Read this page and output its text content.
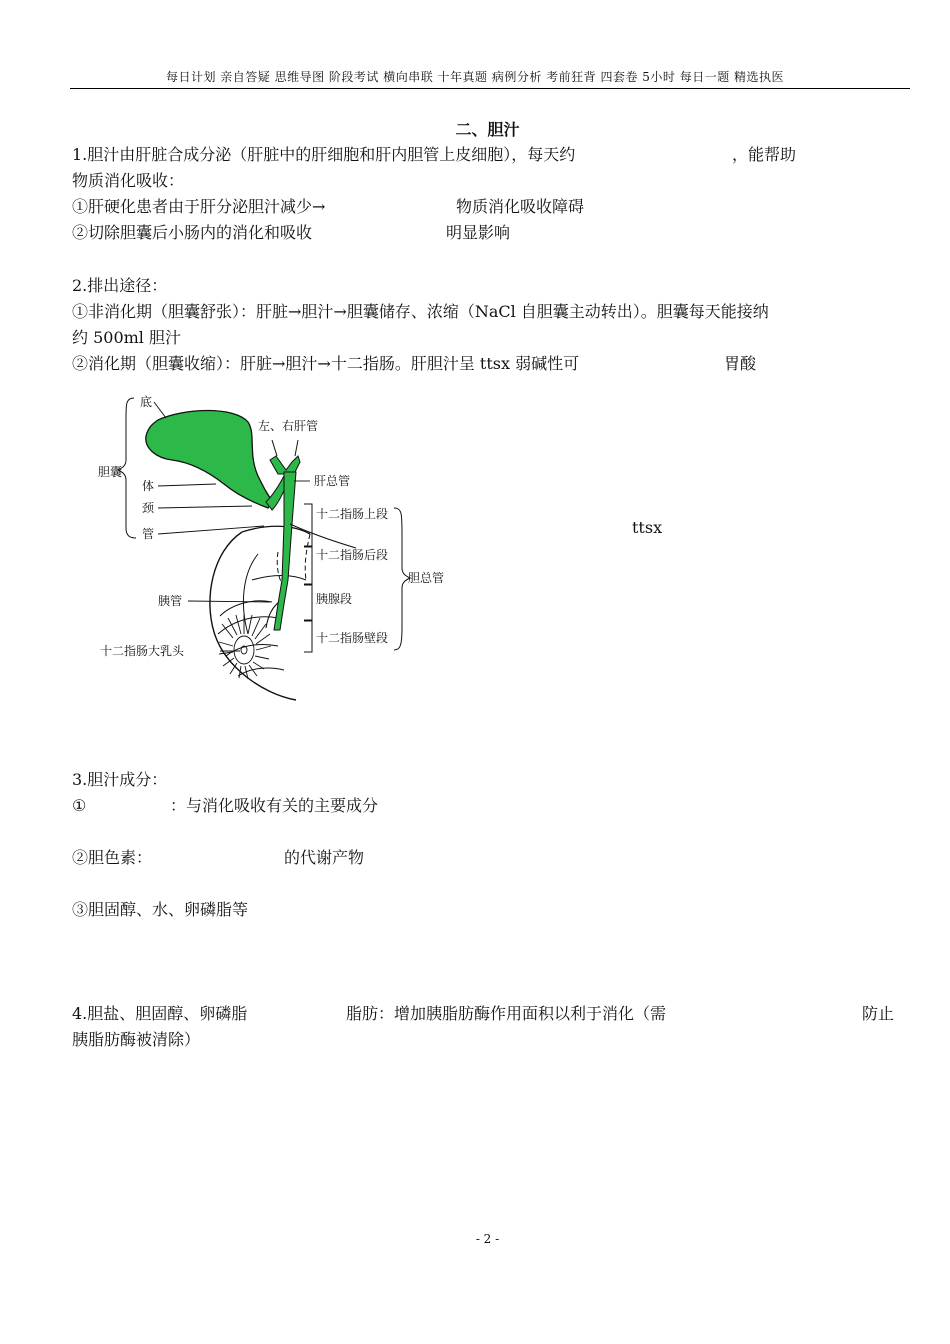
每日计划 亲自答疑 思维导图 阶段考试 横向串联 十年真题 病例分析 考前狂背 四套卷 5小时 每日一题 精选执医
二、胆汁
1.胆汁由肝脏合成分泌（肝脏中的肝细胞和肝内胆管上皮细胞），每天约	，能帮助
物质消化吸收：
①肝硬化患者由于肝分泌胆汁减少→	物质消化吸收障碍
②切除胆囊后小肠内的消化和吸收	明显影响
2.排出途径：
①非消化期（胆囊舒张）：肝脏→胆汁→胆囊储存、浓缩（NaCl 自胆囊主动转出）。胆囊每天能接纳
约 500ml 胆汁
②消化期（胆囊收缩）：肝脏→胆汁→十二指肠。肝胆汁呈 ttsx 弱碱性可	胃酸
底
胆囊
体
颈
管
左、右肝管
肝总管
十二指肠上段
十二指肠后段
胰腺段
十二指肠壁段
胆总管
胰管
十二指肠大乳头
ttsx
3.胆汁成分：
①	：与消化吸收有关的主要成分
②胆色素：	的代谢产物
③胆固醇、水、卵磷脂等
4.胆盐、胆固醇、卵磷脂	脂肪：增加胰脂肪酶作用面积以利于消化（需	防止
胰脂肪酶被清除）
- 2 -
